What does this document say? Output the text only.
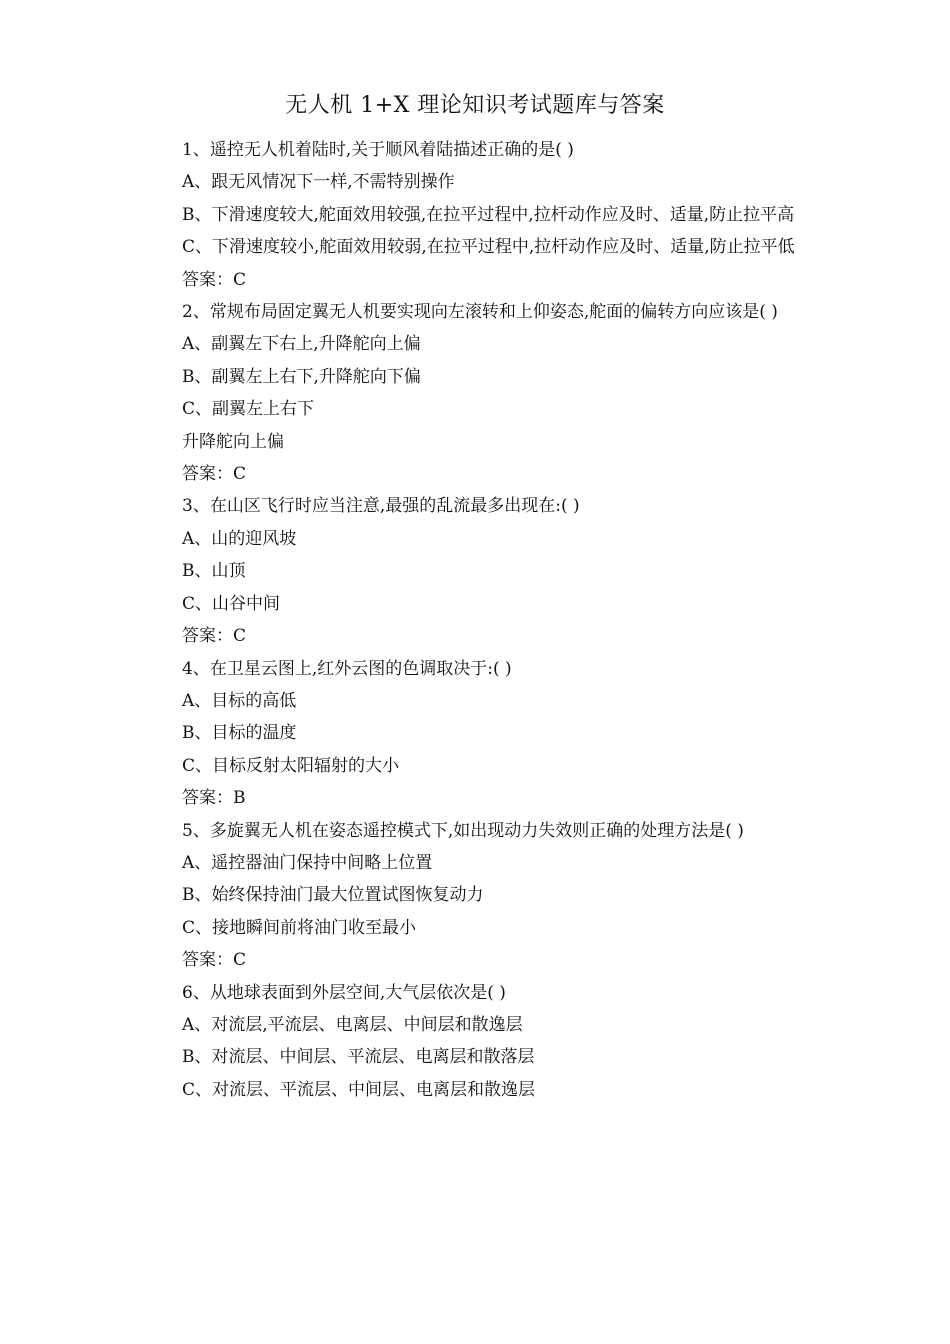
无人机 1+X 理论知识考试题库与答案

1、遥控无人机着陆时,关于顺风着陆描述正确的是( )

A、跟无风情况下一样,不需特别操作

B、下滑速度较大,舵面效用较强,在拉平过程中,拉杆动作应及时、适量,防止拉平高

C、下滑速度较小,舵面效用较弱,在拉平过程中,拉杆动作应及时、适量,防止拉平低

答案：C

2、常规布局固定翼无人机要实现向左滚转和上仰姿态,舵面的偏转方向应该是( )

A、副翼左下右上,升降舵向上偏

B、副翼左上右下,升降舵向下偏

C、副翼左上右下

升降舵向上偏

答案：C

3、在山区飞行时应当注意,最强的乱流最多出现在:( )

A、山的迎风坡

B、山顶

C、山谷中间

答案：C

4、在卫星云图上,红外云图的色调取决于:( )

A、目标的高低

B、目标的温度

C、目标反射太阳辐射的大小

答案：B

5、多旋翼无人机在姿态遥控模式下,如出现动力失效则正确的处理方法是( )

A、遥控器油门保持中间略上位置

B、始终保持油门最大位置试图恢复动力

C、接地瞬间前将油门收至最小

答案：C

6、从地球表面到外层空间,大气层依次是( )

A、对流层,平流层、电离层、中间层和散逸层

B、对流层、中间层、平流层、电离层和散落层

C、对流层、平流层、中间层、电离层和散逸层
